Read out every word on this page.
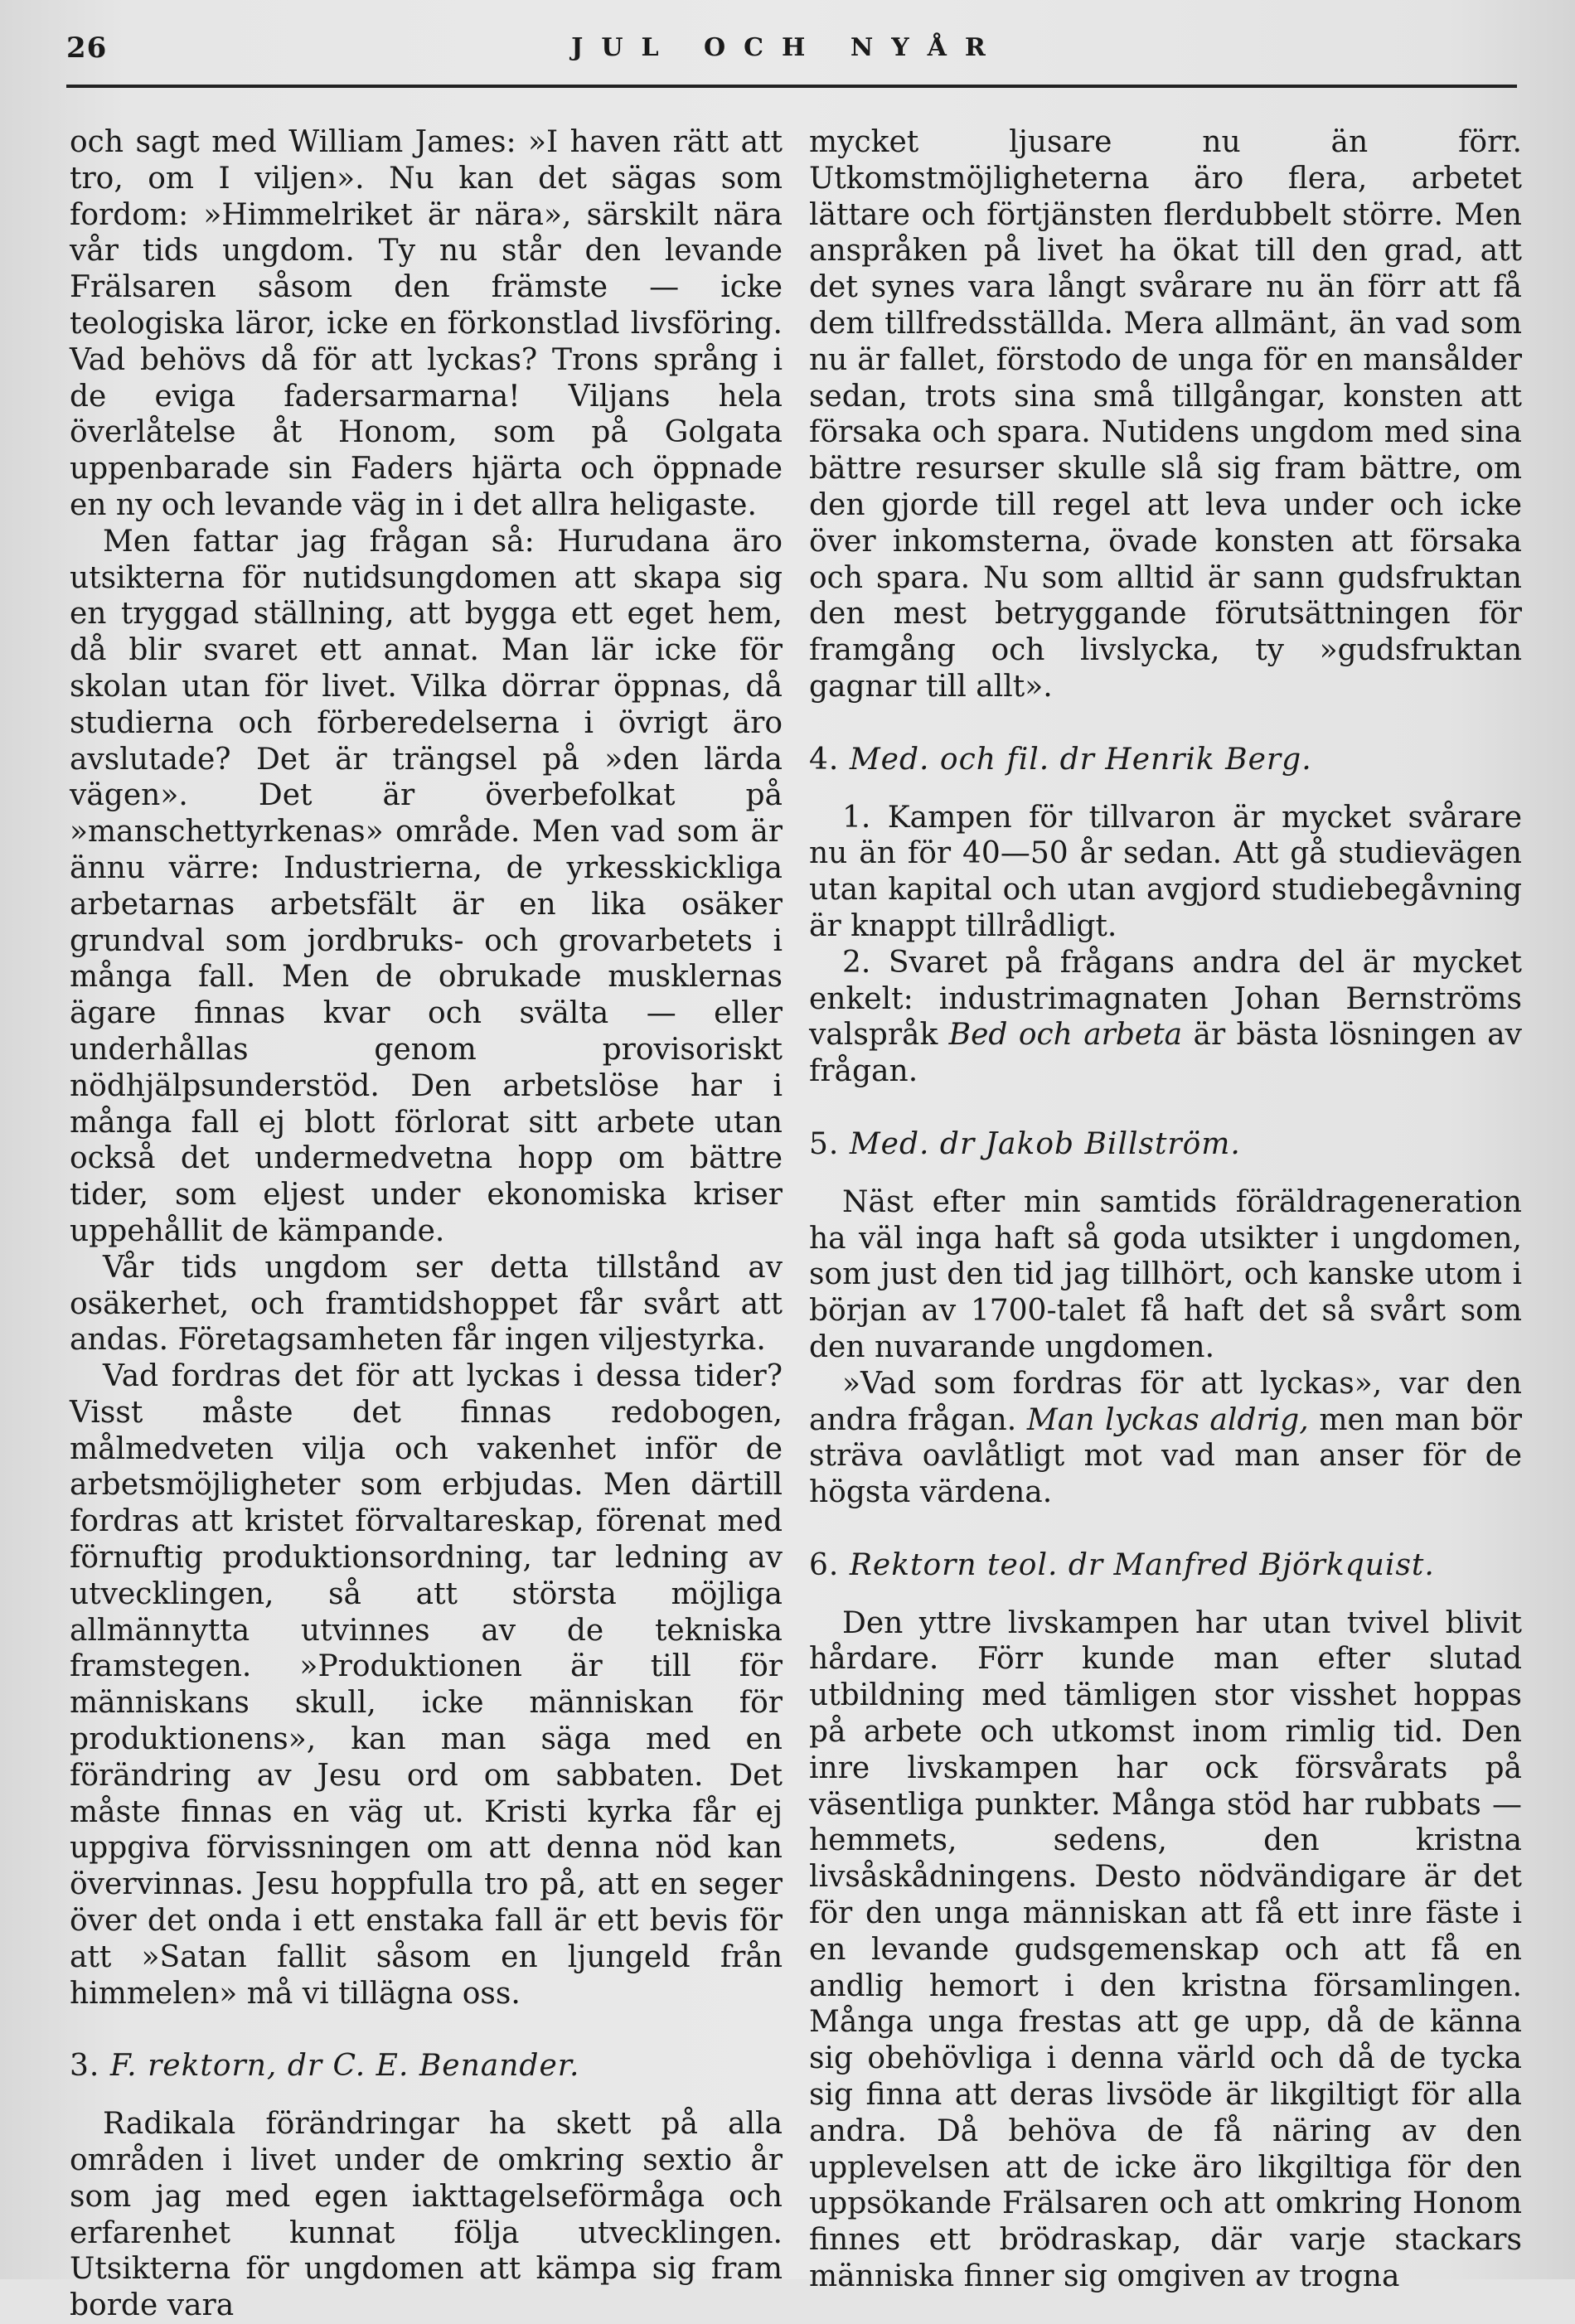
26	JUL OCH NYÅR

och sagt med William James: »I haven rätt att tro, om I viljen». Nu kan det sägas som fordom: »Himmelriket är nära», särskilt nära vår tids ungdom. Ty nu står den levande Frälsaren såsom den främste — icke teologiska läror, icke en förkonstlad livsföring. Vad behövs då för att lyckas? Trons språng i de eviga fadersarmarna! Viljans hela överlåtelse åt Honom, som på Golgata uppenbarade sin Faders hjärta och öppnade en ny och levande väg in i det allra heligaste.

Men fattar jag frågan så: Hurudana äro utsikterna för nutidsungdomen att skapa sig en tryggad ställning, att bygga ett eget hem, då blir svaret ett annat. Man lär icke för skolan utan för livet. Vilka dörrar öppnas, då studierna och förberedelserna i övrigt äro avslutade? Det är trängsel på »den lärda vägen». Det är överbefolkat på »manschettyrkenas» område. Men vad som är ännu värre: Industrierna, de yrkesskickliga arbetarnas arbetsfält är en lika osäker grundval som jordbruks- och grovarbetets i många fall. Men de obrukade musklernas ägare finnas kvar och svälta — eller underhållas genom provisoriskt nödhjälpsunderstöd. Den arbetslöse har i många fall ej blott förlorat sitt arbete utan också det undermedvetna hopp om bättre tider, som eljest under ekonomiska kriser uppehållit de kämpande.

Vår tids ungdom ser detta tillstånd av osäkerhet, och framtidshoppet får svårt att andas. Företagsamheten får ingen viljestyrka.

Vad fordras det för att lyckas i dessa tider? Visst måste det finnas redobogen, målmedveten vilja och vakenhet inför de arbetsmöjligheter som erbjudas. Men därtill fordras att kristet förvaltareskap, förenat med förnuftig produktionsordning, tar ledning av utvecklingen, så att största möjliga allmännytta utvinnes av de tekniska framstegen. »Produktionen är till för människans skull, icke människan för produktionens», kan man säga med en förändring av Jesu ord om sabbaten. Det måste finnas en väg ut. Kristi kyrka får ej uppgiva förvissningen om att denna nöd kan övervinnas. Jesu hoppfulla tro på, att en seger över det onda i ett enstaka fall är ett bevis för att »Satan fallit såsom en ljungeld från himmelen» må vi tillägna oss.

3. F. rektorn, dr C. E. Benander.

Radikala förändringar ha skett på alla områden i livet under de omkring sextio år som jag med egen iakttagelseförmåga och erfarenhet kunnat följa utvecklingen. Utsikterna för ungdomen att kämpa sig fram borde vara

mycket ljusare nu än förr. Utkomstmöjligheterna äro flera, arbetet lättare och förtjänsten flerdubbelt större. Men anspråken på livet ha ökat till den grad, att det synes vara långt svårare nu än förr att få dem tillfredsställda. Mera allmänt, än vad som nu är fallet, förstodo de unga för en mansålder sedan, trots sina små tillgångar, konsten att försaka och spara. Nutidens ungdom med sina bättre resurser skulle slå sig fram bättre, om den gjorde till regel att leva under och icke över inkomsterna, övade konsten att försaka och spara. Nu som alltid är sann gudsfruktan den mest betryggande förutsättningen för framgång och livslycka, ty »gudsfruktan gagnar till allt».

4. Med. och fil. dr Henrik Berg.

1. Kampen för tillvaron är mycket svårare nu än för 40—50 år sedan. Att gå studievägen utan kapital och utan avgjord studiebegåvning är knappt tillrådligt.

2. Svaret på frågans andra del är mycket enkelt: industrimagnaten Johan Bernströms valspråk Bed och arbeta är bästa lösningen av frågan.

5. Med. dr Jakob Billström.

Näst efter min samtids föräldrageneration ha väl inga haft så goda utsikter i ungdomen, som just den tid jag tillhört, och kanske utom i början av 1700-talet få haft det så svårt som den nuvarande ungdomen.

»Vad som fordras för att lyckas», var den andra frågan. Man lyckas aldrig, men man bör sträva oavlåtligt mot vad man anser för de högsta värdena.

6. Rektorn teol. dr Manfred Björkquist.

Den yttre livskampen har utan tvivel blivit hårdare. Förr kunde man efter slutad utbildning med tämligen stor visshet hoppas på arbete och utkomst inom rimlig tid. Den inre livskampen har ock försvårats på väsentliga punkter. Många stöd har rubbats — hemmets, sedens, den kristna livsåskådningens. Desto nödvändigare är det för den unga människan att få ett inre fäste i en levande gudsgemenskap och att få en andlig hemort i den kristna församlingen. Många unga frestas att ge upp, då de känna sig obehövliga i denna värld och då de tycka sig finna att deras livsöde är likgiltigt för alla andra. Då behöva de få näring av den upplevelsen att de icke äro likgiltiga för den uppsökande Frälsaren och att omkring Honom finnes ett brödraskap, där varje stackars människa finner sig omgiven av trogna
